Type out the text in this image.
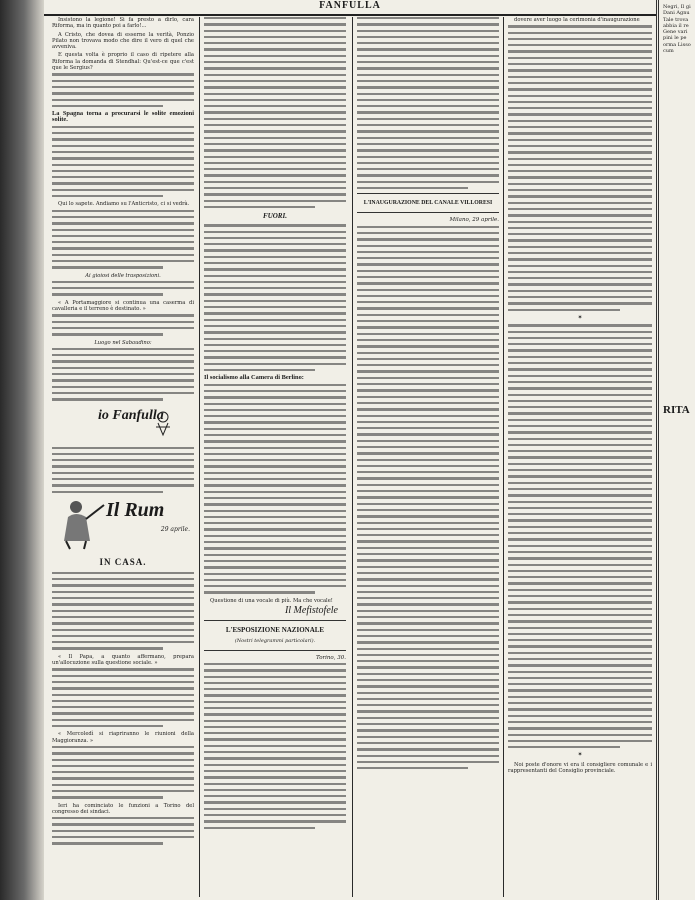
FANFULLA

Insistono la legione! Si fa presto a dirlo, cara Riforma, ma in quanto poi a farlo!...

A Cristo, che dovea di esserne la verità, Ponzio Pilato non trovava modo che dire il vero di quel che avveniva.

E questa volta è proprio il caso di ripetere alla Riforma la domanda di Stendhal: Qu'est-ce que c'est que le Sergius?

La Spagna torna a procurarsi le solite emozioni solite.

Qui lo sapete. Andiamo su l'Anticristo, ci si vedrà.

Ai gioiosi delle trasposizioni.

« A Portamaggiore si continua una caserma di cavalleria e il terreno è destinato. »

Luogo nel Sabaudino:

io Fanfulla
Il Rum
29 aprile.
IN CASA.

« Il Papa, a quanto affermano, prepara un'allocuzione sulla questione sociale. »

« Mercoledì si riapriranno le riunioni della Maggioranza. »

Ieri ha cominciato le funzioni a Torino del congresso dei sindaci.

FUORI.

Il socialismo alla Camera di Berlino:

Questione di una vocale di più. Ma che vocale!

Il Mefistofele
L'ESPOSIZIONE NAZIONALE
(Nostri telegrammi particolari).
Torino, 30.
L'INAUGURAZIONE DEL CANALE VILLORESI
Milano, 29 aprile.

dovere aver luogo la cerimonia d'inaugurazione

✶
✶

Noi poste d'onore vi era il consigliere comunale e i rappresentanti del Consiglio provinciale.

Negri, Il gi Dani Agnu Tale trova abbia il re Gene vari pini le pe orma Lisso cum
RITA
